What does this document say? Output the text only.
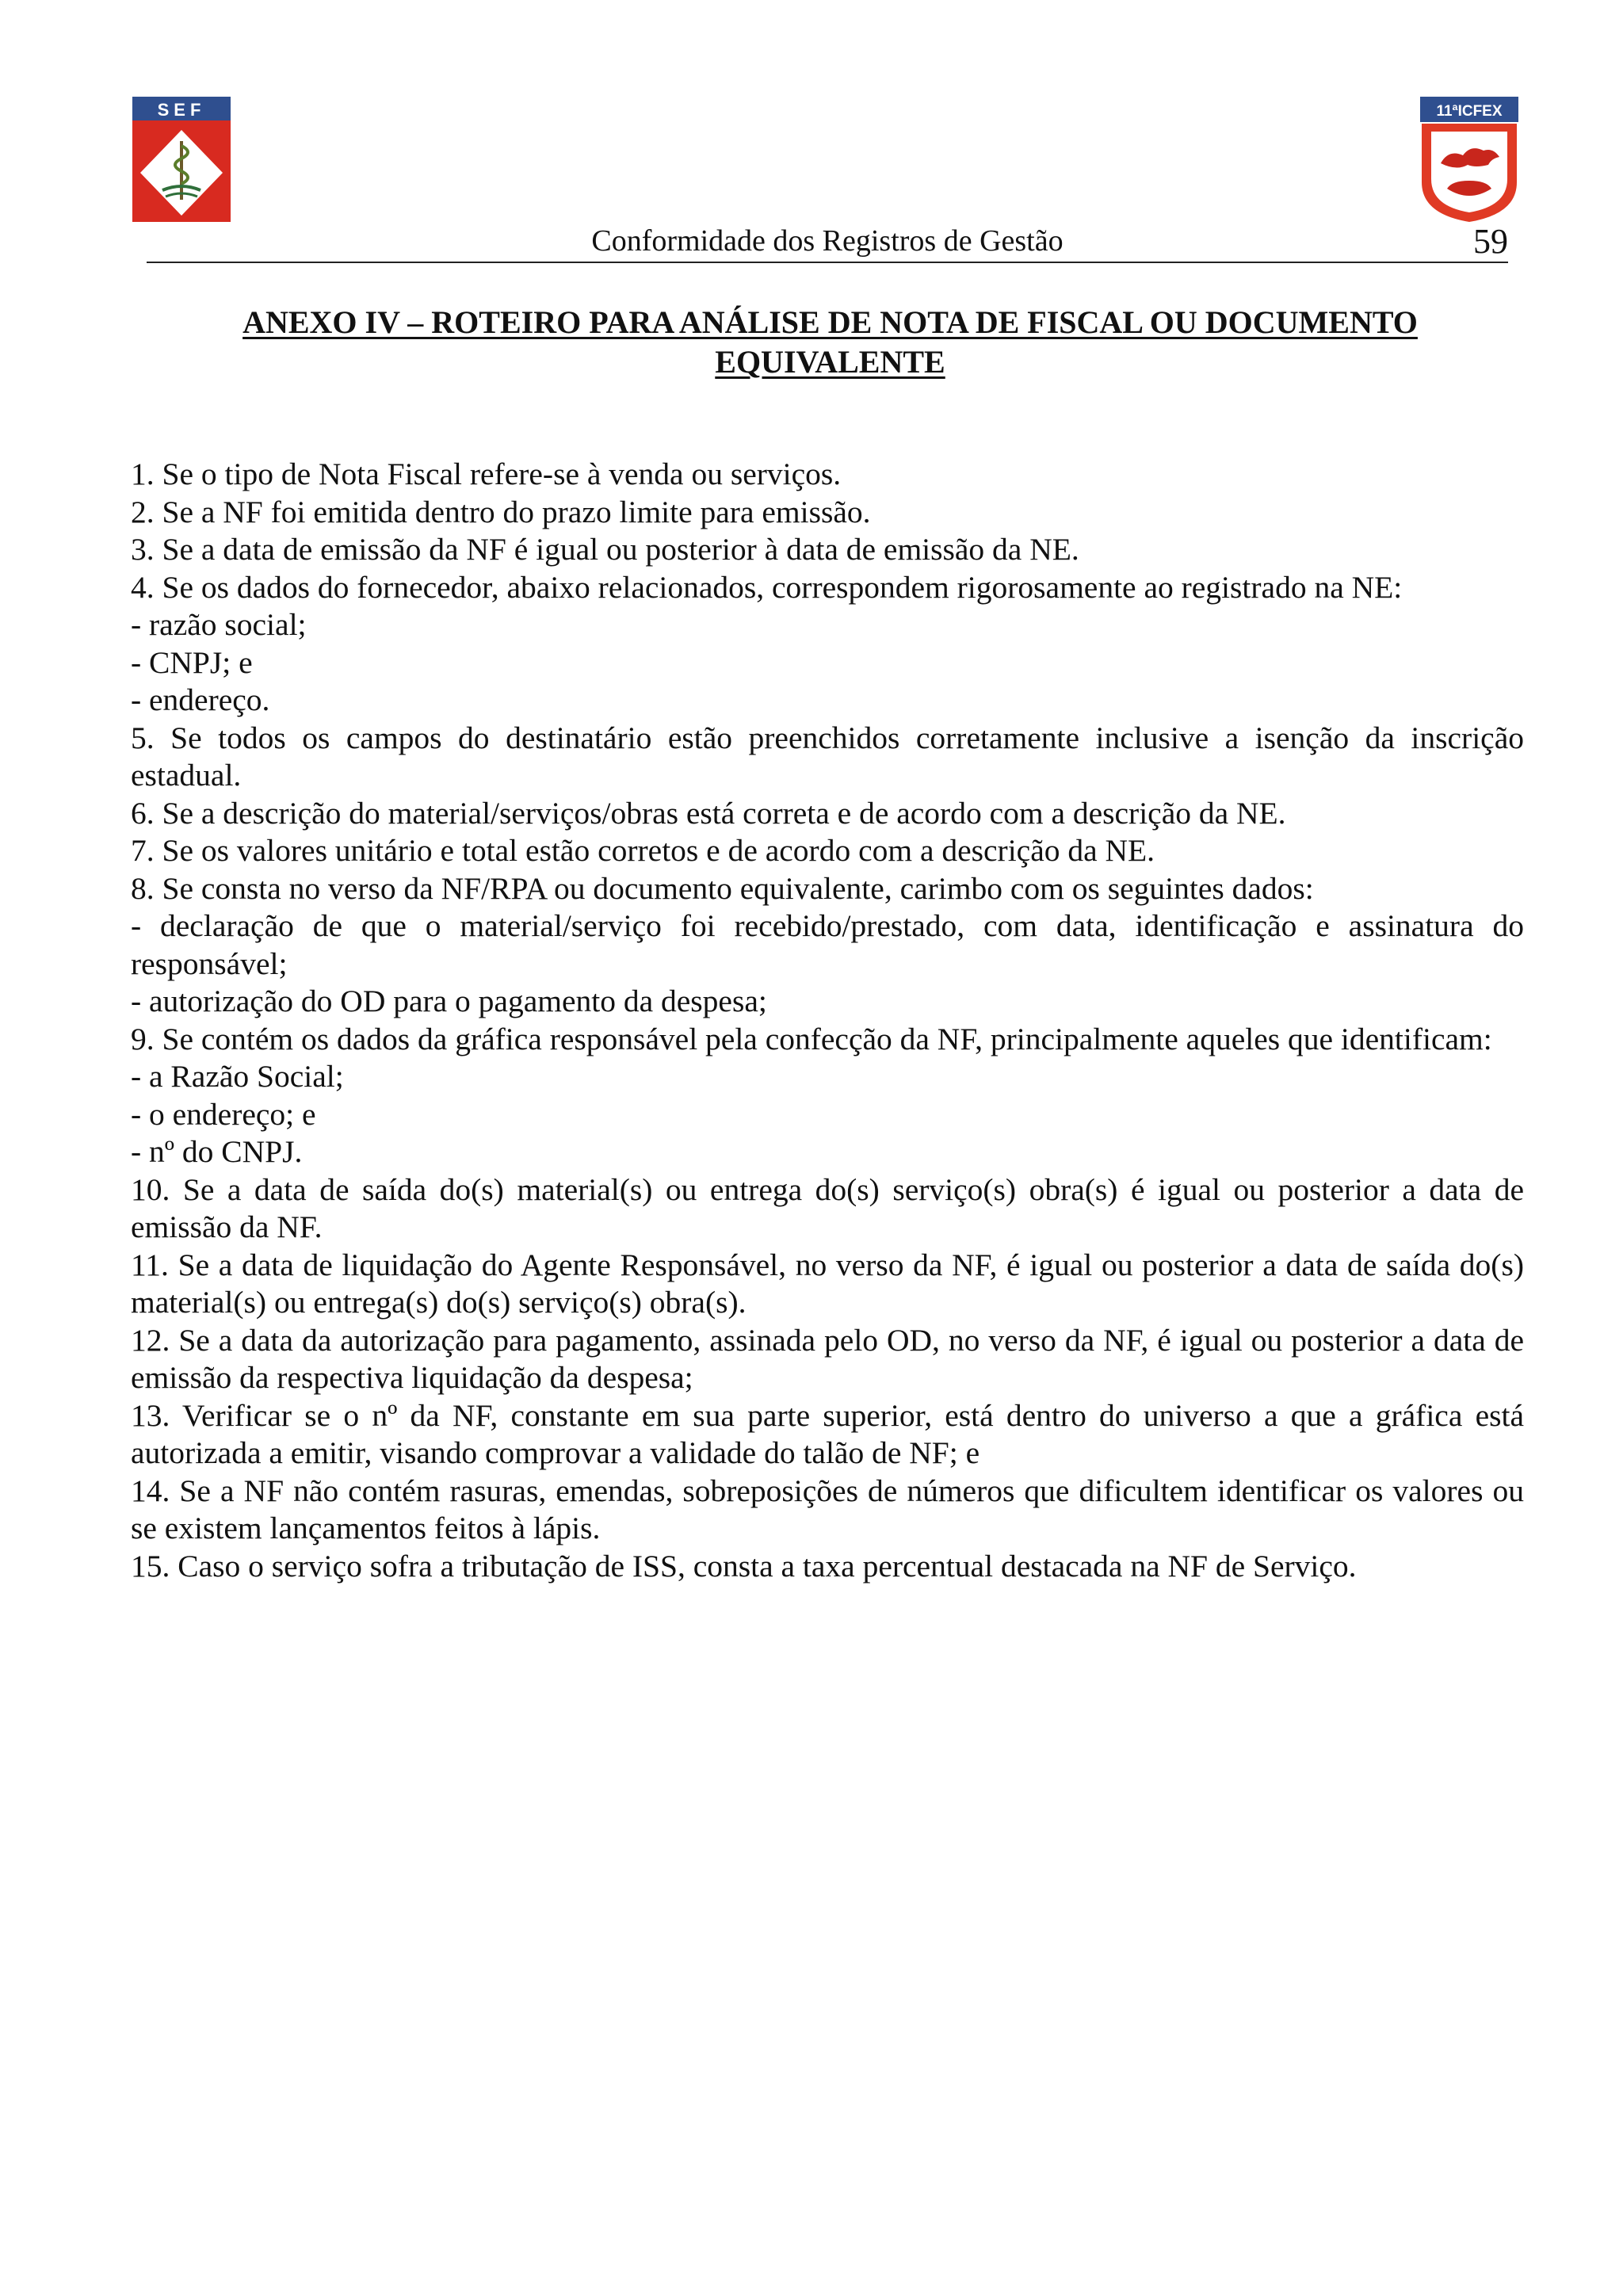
SEF	11ªICFEX
Conformidade dos Registros de Gestão	59
ANEXO IV – ROTEIRO PARA ANÁLISE DE NOTA DE FISCAL OU DOCUMENTO
EQUIVALENTE

1. Se o tipo de Nota Fiscal refere-se à venda ou serviços.

2. Se a NF foi emitida dentro do prazo limite para emissão.

3. Se a data de emissão da NF é igual ou posterior à data de emissão da NE.

4. Se os dados do fornecedor, abaixo relacionados, correspondem rigorosamente ao registrado na NE:

- razão social;

- CNPJ; e

- endereço.

5. Se todos os campos do destinatário estão preenchidos corretamente inclusive a isenção da inscrição estadual.

6. Se a descrição do material/serviços/obras está correta e de acordo com a descrição da NE.

7. Se os valores unitário e total estão corretos e de acordo com a descrição da NE.

8. Se consta no verso da NF/RPA ou documento equivalente, carimbo com os seguintes dados:

- declaração de que o material/serviço foi recebido/prestado, com data, identificação e assinatura do responsável;

- autorização do OD para o pagamento da despesa;

9. Se contém os dados da gráfica responsável pela confecção da NF, principalmente aqueles que identificam:

- a Razão Social;

- o endereço; e

- nº do CNPJ.

10. Se a data de saída do(s) material(s) ou entrega do(s) serviço(s) obra(s) é igual ou posterior a data de emissão da NF.

11. Se a data de liquidação do Agente Responsável, no verso da NF, é igual ou posterior a data de saída do(s) material(s) ou entrega(s) do(s) serviço(s) obra(s).

12. Se a data da autorização para pagamento, assinada pelo OD, no verso da NF, é igual ou posterior a data de emissão da respectiva liquidação da despesa;

13. Verificar se o nº da NF, constante em sua parte superior, está dentro do universo a que a gráfica está autorizada a emitir, visando comprovar a validade do talão de NF; e

14. Se a NF não contém rasuras, emendas, sobreposições de números que dificultem identificar os valores ou se existem lançamentos feitos à lápis.

15. Caso o serviço sofra a tributação de ISS, consta a taxa percentual destacada na NF de Serviço.
